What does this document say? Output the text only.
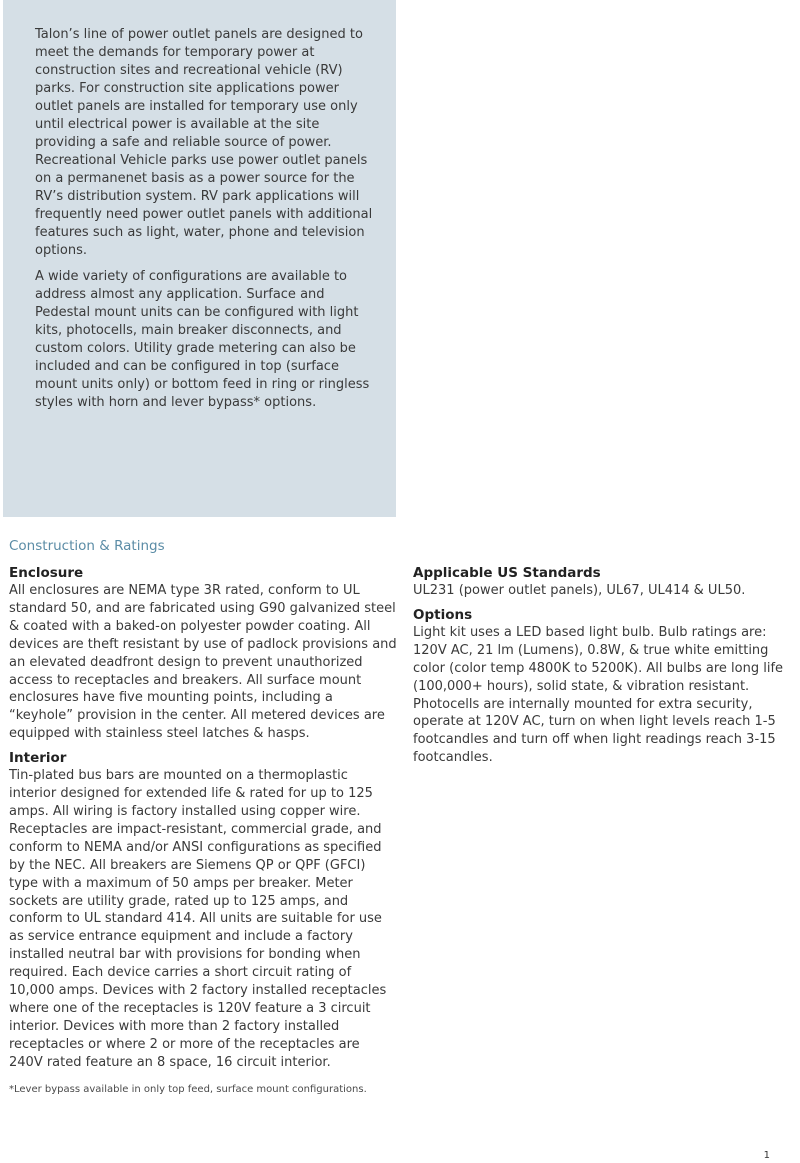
Talon’s line of power outlet panels are designed to meet the demands for temporary power at construction sites and recreational vehicle (RV) parks. For construction site applications power outlet panels are installed for temporary use only until electrical power is available at the site providing a safe and reliable source of power. Recreational Vehicle parks use power outlet panels on a permanenet basis as a power source for the RV’s distribution system. RV park applications will frequently need power outlet panels with additional features such as light, water, phone and television options.

A wide variety of configurations are available to address almost any application. Surface and Pedestal mount units can be configured with light kits, photocells, main breaker disconnects, and custom colors. Utility grade metering can also be included and can be configured in top (surface mount units only) or bottom feed in ring or ringless styles with horn and lever bypass* options.

Construction & Ratings
Enclosure

All enclosures are NEMA type 3R rated, conform to UL standard 50, and are fabricated using G90 galvanized steel & coated with a baked-on polyester powder coating. All devices are theft resistant by use of padlock provisions and an elevated deadfront design to prevent unauthorized access to receptacles and breakers. All surface mount enclosures have five mounting points, including a “keyhole” provision in the center. All metered devices are equipped with stainless steel latches & hasps.

Interior

Tin-plated bus bars are mounted on a thermoplastic interior designed for extended life & rated for up to 125 amps. All wiring is factory installed using copper wire. Receptacles are impact-resistant, commercial grade, and conform to NEMA and/or ANSI configurations as specified by the NEC. All breakers are Siemens QP or QPF (GFCI) type with a maximum of 50 amps per breaker. Meter sockets are utility grade, rated up to 125 amps, and conform to UL standard 414. All units are suitable for use as service entrance equipment and include a factory installed neutral bar with provisions for bonding when required. Each device carries a short circuit rating of 10,000 amps. Devices with 2 factory installed receptacles where one of the receptacles is 120V feature a 3 circuit interior. Devices with more than 2 factory installed receptacles or where 2 or more of the receptacles are 240V rated feature an 8 space, 16 circuit interior.

Applicable US Standards

UL231 (power outlet panels), UL67, UL414 & UL50.

Options

Light kit uses a LED based light bulb. Bulb ratings are: 120V AC, 21 lm (Lumens), 0.8W, & true white emitting color (color temp 4800K to 5200K). All bulbs are long life (100,000+ hours), solid state, & vibration resistant. Photocells are internally mounted for extra security, operate at 120V AC, turn on when light levels reach 1-5 footcandles and turn off when light readings reach 3-15 footcandles.

*Lever bypass available in only top feed, surface mount configurations.
1
